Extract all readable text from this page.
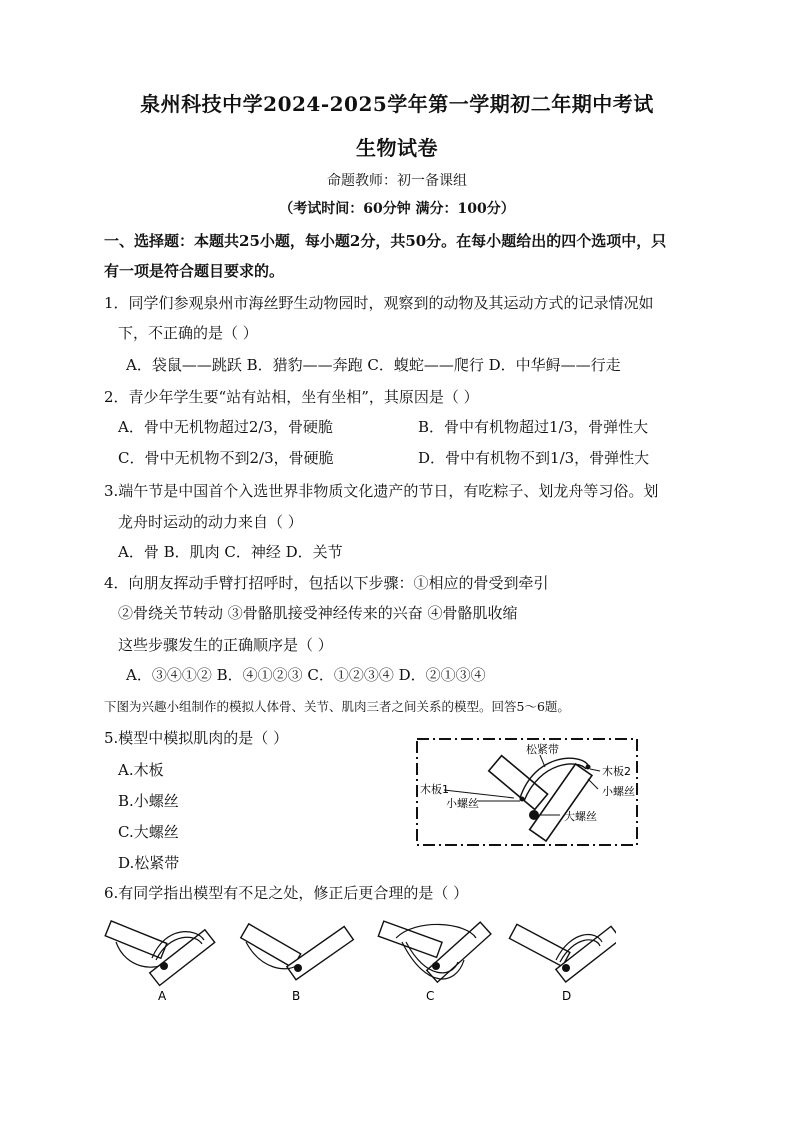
泉州科技中学2024-2025学年第一学期初二年期中考试
生物试卷
命题教师：初一备课组
（考试时间：60分钟 满分：100分）
一、选择题：本题共25小题，每小题2分，共50分。在每小题给出的四个选项中，只
有一项是符合题目要求的。
1．同学们参观泉州市海丝野生动物园时，观察到的动物及其运动方式的记录情况如
下，不正确的是（ ）
A．袋鼠——跳跃 B．猎豹——奔跑 C．蝮蛇——爬行 D．中华鲟——行走
2．青少年学生要“站有站相，坐有坐相”，其原因是（ ）
A．骨中无机物超过2/3，骨硬脆	B．骨中有机物超过1/3，骨弹性大
C．骨中无机物不到2/3，骨硬脆	D．骨中有机物不到1/3，骨弹性大
3.端午节是中国首个入选世界非物质文化遗产的节日，有吃粽子、划龙舟等习俗。划
龙舟时运动的动力来自（ ）
A．骨 B．肌肉 C．神经 D．关节
4．向朋友挥动手臂打招呼时，包括以下步骤：①相应的骨受到牵引
②骨绕关节转动 ③骨骼肌接受神经传来的兴奋 ④骨骼肌收缩
这些步骤发生的正确顺序是（ ）
A．③④①② B．④①②③ C．①②③④ D．②①③④
下图为兴趣小组制作的模拟人体骨、关节、肌肉三者之间关系的模型。回答5～6题。
5.模型中模拟肌肉的是（ ）
A.木板
B.小螺丝
C.大螺丝
D.松紧带
松紧带
木板1
木板2
小螺丝
小螺丝
大螺丝
6.有同学指出模型有不足之处，修正后更合理的是（ ）
A	B	C	D
